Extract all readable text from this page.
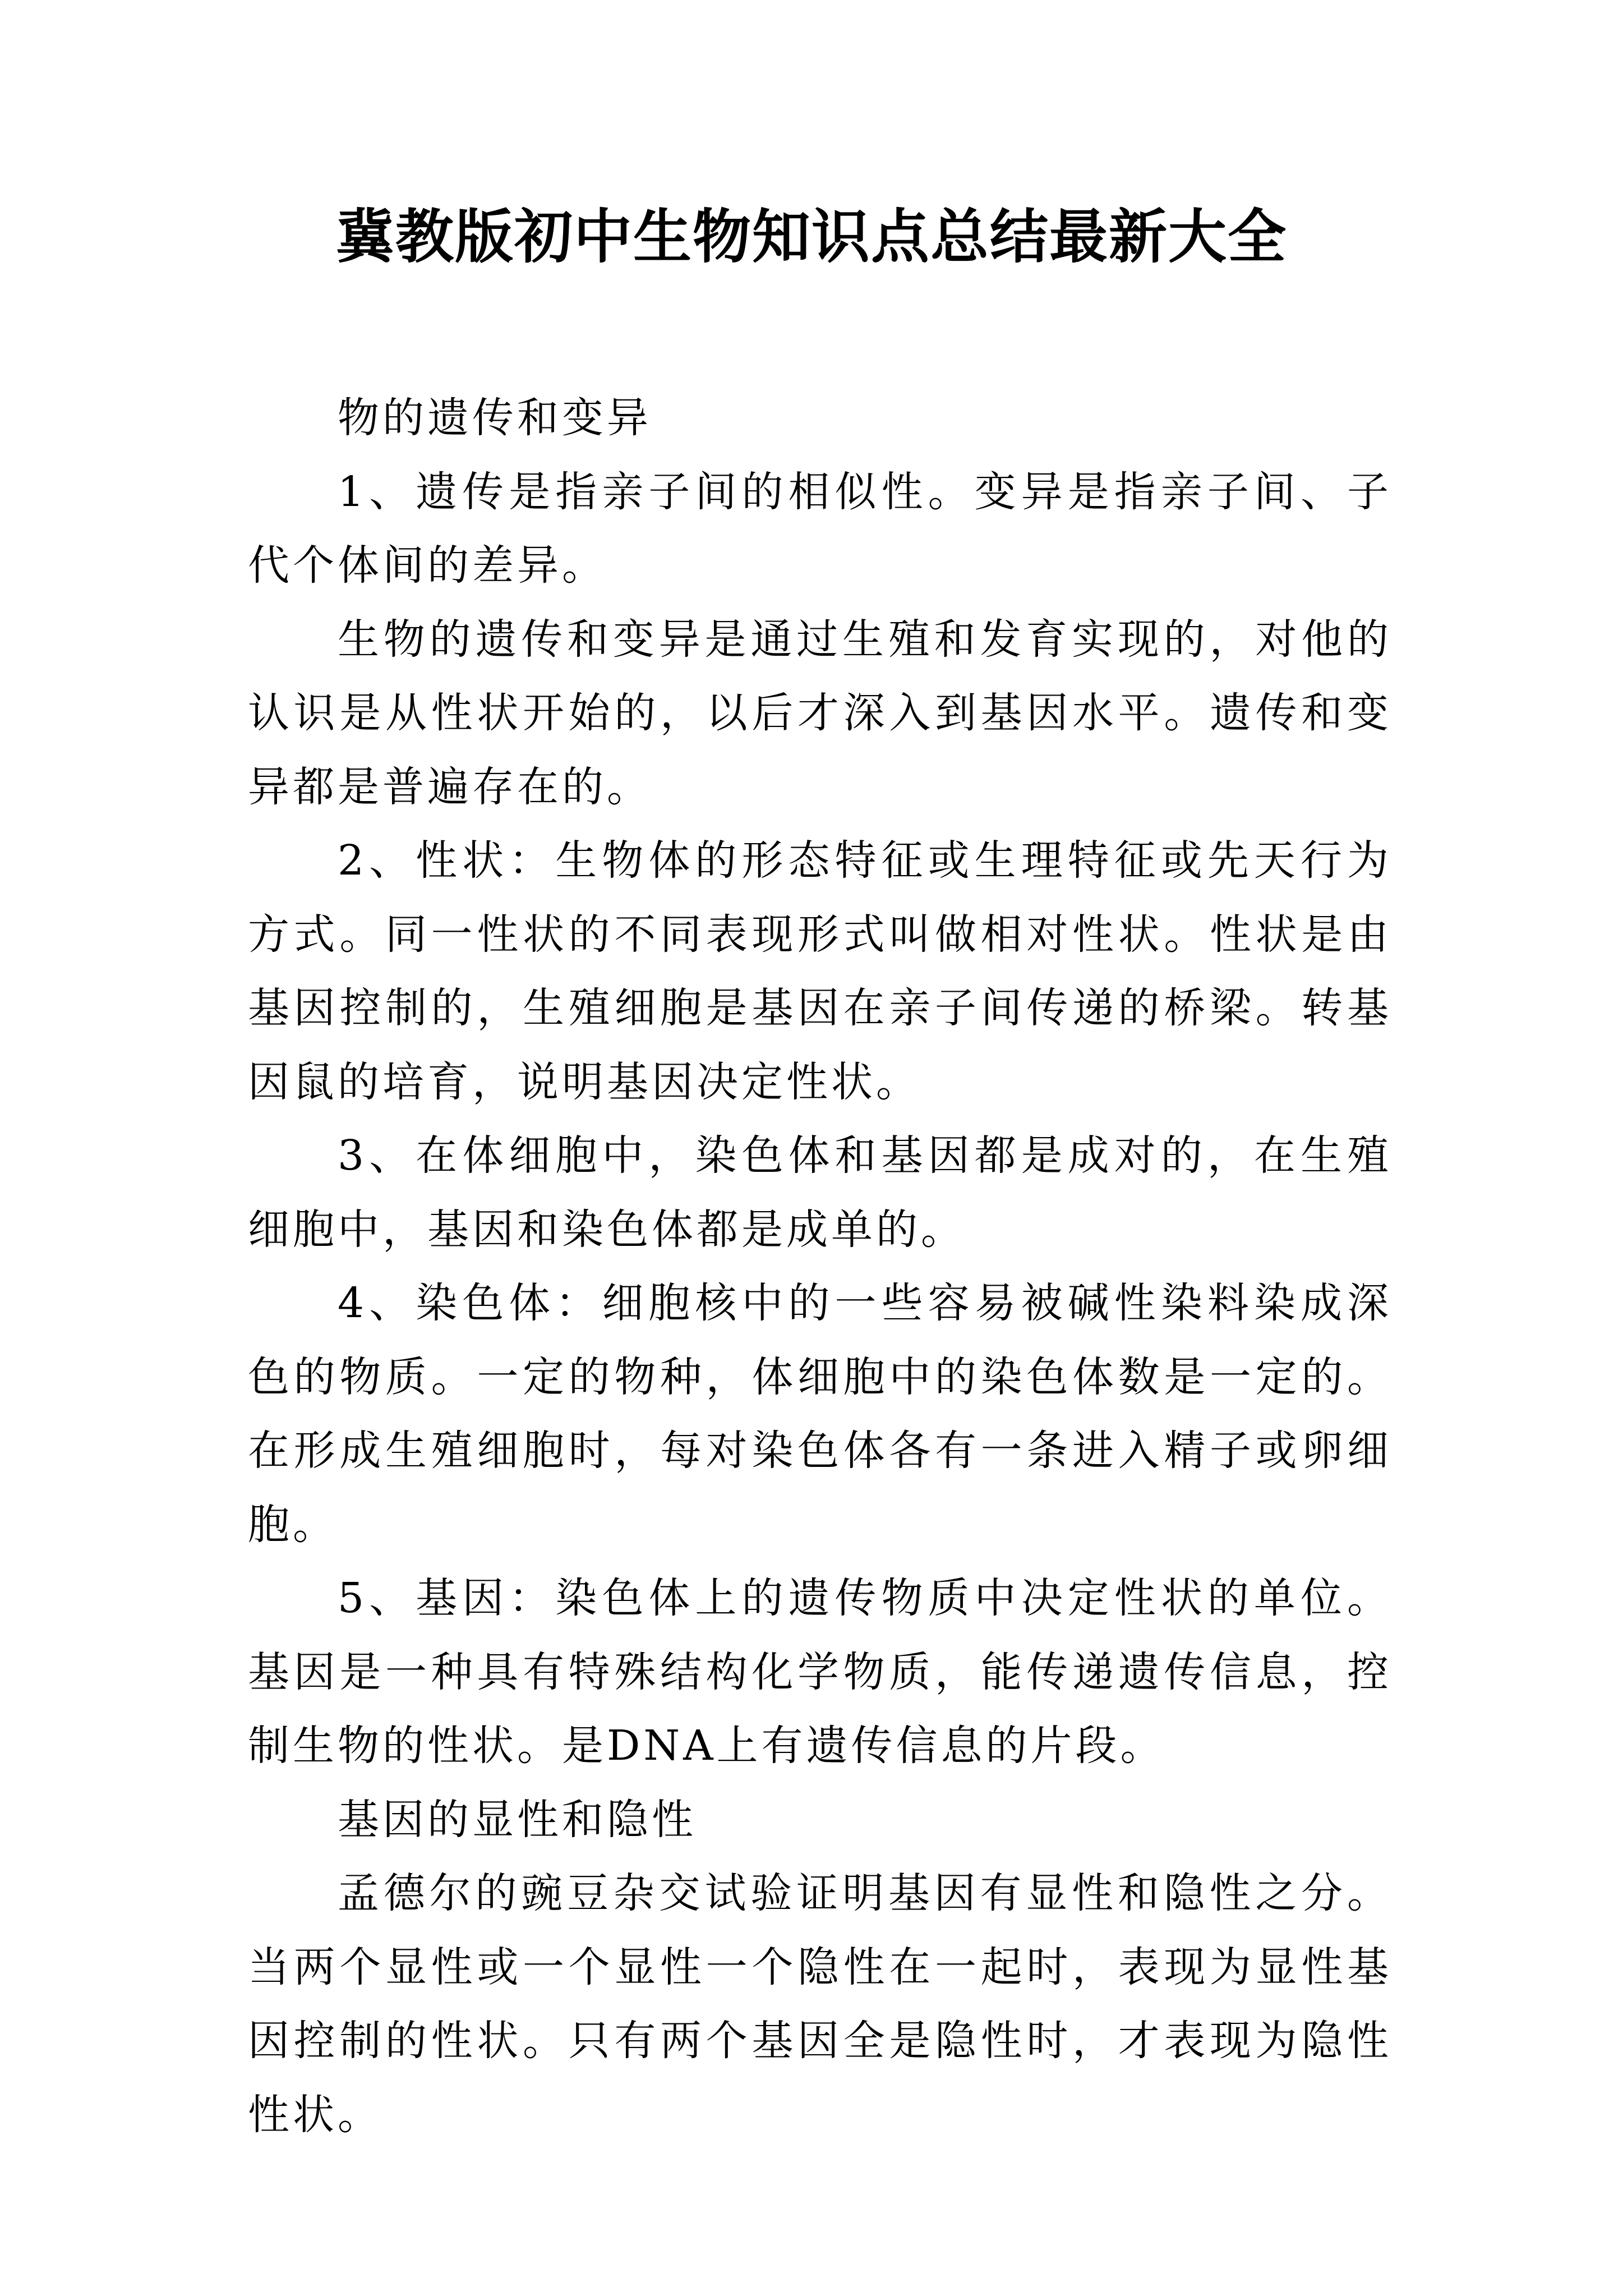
冀教版初中生物知识点总结最新大全

物的遗传和变异

1、遗传是指亲子间的相似性。变异是指亲子间、子代个体间的差异。

生物的遗传和变异是通过生殖和发育实现的，对他的认识是从性状开始的，以后才深入到基因水平。遗传和变异都是普遍存在的。

2、性状：生物体的形态特征或生理特征或先天行为方式。同一性状的不同表现形式叫做相对性状。性状是由基因控制的，生殖细胞是基因在亲子间传递的桥梁。转基因鼠的培育，说明基因决定性状。

3、在体细胞中，染色体和基因都是成对的，在生殖细胞中，基因和染色体都是成单的。

4、染色体：细胞核中的一些容易被碱性染料染成深色的物质。一定的物种，体细胞中的染色体数是一定的。在形成生殖细胞时，每对染色体各有一条进入精子或卵细胞。

5、基因：染色体上的遗传物质中决定性状的单位。基因是一种具有特殊结构化学物质，能传递遗传信息，控制生物的性状。是DNA上有遗传信息的片段。

基因的显性和隐性

孟德尔的豌豆杂交试验证明基因有显性和隐性之分。当两个显性或一个显性一个隐性在一起时，表现为显性基因控制的性状。只有两个基因全是隐性时，才表现为隐性性状。
